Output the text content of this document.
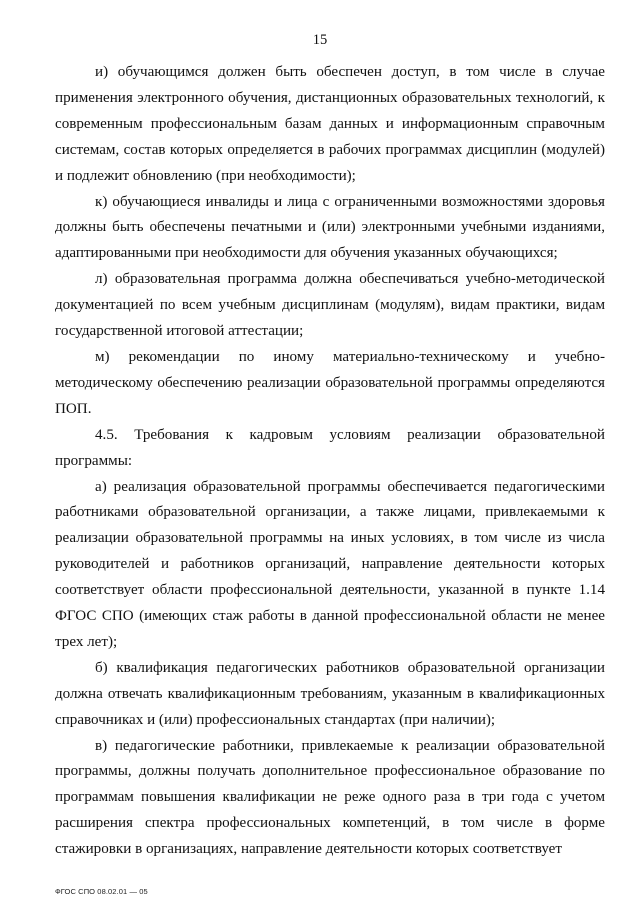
15

и) обучающимся должен быть обеспечен доступ, в том числе в случае применения электронного обучения, дистанционных образовательных технологий, к современным профессиональным базам данных и информационным справочным системам, состав которых определяется в рабочих программах дисциплин (модулей) и подлежит обновлению (при необходимости);

к) обучающиеся инвалиды и лица с ограниченными возможностями здоровья должны быть обеспечены печатными и (или) электронными учебными изданиями, адаптированными при необходимости для обучения указанных обучающихся;

л) образовательная программа должна обеспечиваться учебно-методической документацией по всем учебным дисциплинам (модулям), видам практики, видам государственной итоговой аттестации;

м) рекомендации по иному материально-техническому и учебно-методическому обеспечению реализации образовательной программы определяются ПОП.

4.5. Требования к кадровым условиям реализации образовательной программы:

а) реализация образовательной программы обеспечивается педагогическими работниками образовательной организации, а также лицами, привлекаемыми к реализации образовательной программы на иных условиях, в том числе из числа руководителей и работников организаций, направление деятельности которых соответствует области профессиональной деятельности, указанной в пункте 1.14 ФГОС СПО (имеющих стаж работы в данной профессиональной области не менее трех лет);

б) квалификация педагогических работников образовательной организации должна отвечать квалификационным требованиям, указанным в квалификационных справочниках и (или) профессиональных стандартах (при наличии);

в) педагогические работники, привлекаемые к реализации образовательной программы, должны получать дополнительное профессиональное образование по программам повышения квалификации не реже одного раза в три года с учетом расширения спектра профессиональных компетенций, в том числе в форме стажировки в организациях, направление деятельности которых соответствует

ФГОС СПО 08.02.01 — 05
